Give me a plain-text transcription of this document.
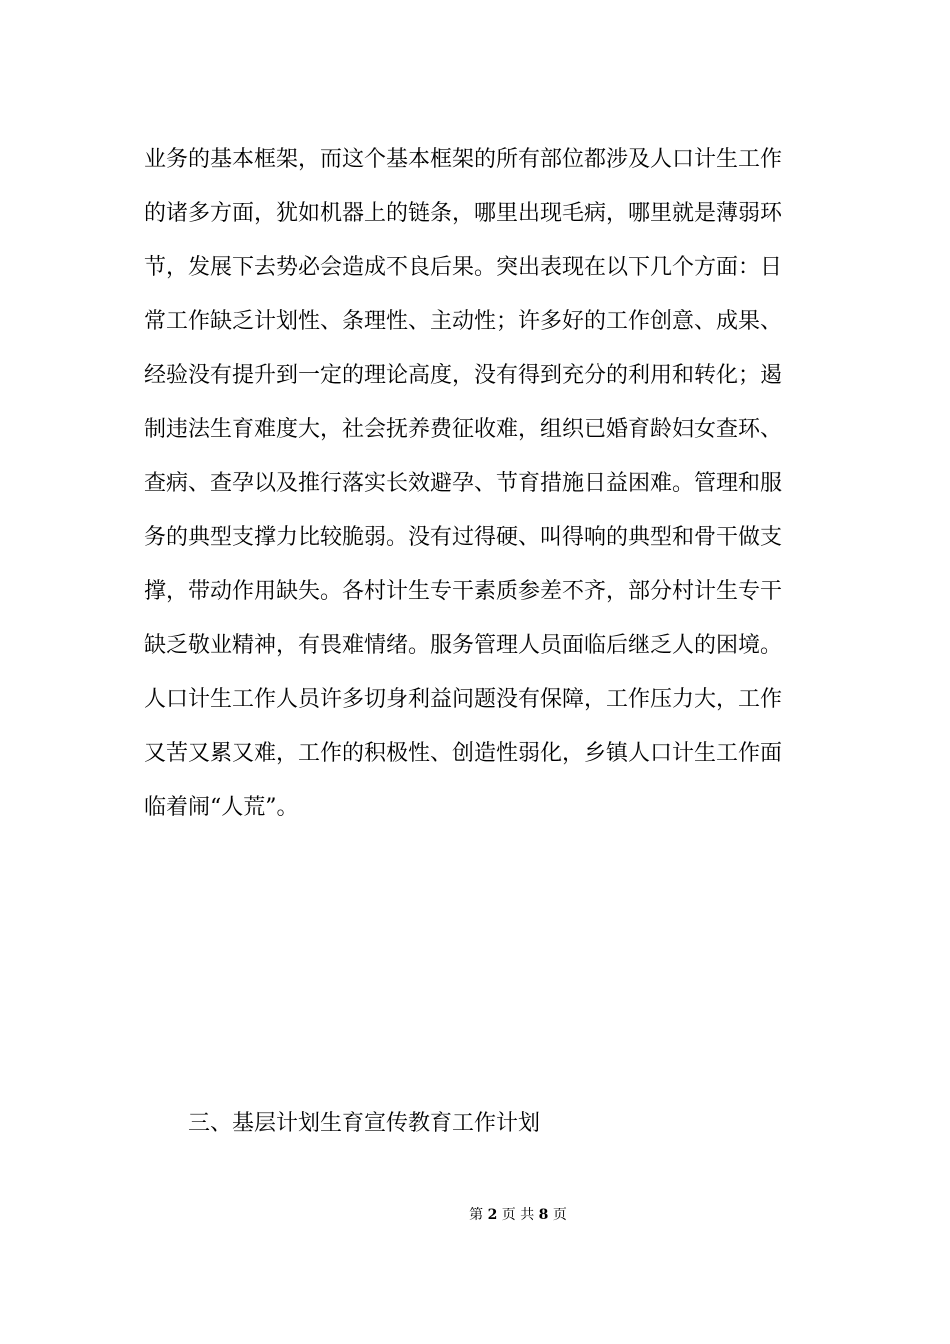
业务的基本框架，而这个基本框架的所有部位都涉及人口计生工作

的诸多方面，犹如机器上的链条，哪里出现毛病，哪里就是薄弱环

节，发展下去势必会造成不良后果。突出表现在以下几个方面：日

常工作缺乏计划性、条理性、主动性；许多好的工作创意、成果、

经验没有提升到一定的理论高度，没有得到充分的利用和转化；遏

制违法生育难度大，社会抚养费征收难，组织已婚育龄妇女查环、

查病、查孕以及推行落实长效避孕、节育措施日益困难。管理和服

务的典型支撑力比较脆弱。没有过得硬、叫得响的典型和骨干做支

撑，带动作用缺失。各村计生专干素质参差不齐，部分村计生专干

缺乏敬业精神，有畏难情绪。服务管理人员面临后继乏人的困境。

人口计生工作人员许多切身利益问题没有保障，工作压力大，工作

又苦又累又难，工作的积极性、创造性弱化，乡镇人口计生工作面

临着闹“人荒”。

三、基层计划生育宣传教育工作计划

第 2 页 共 8 页
